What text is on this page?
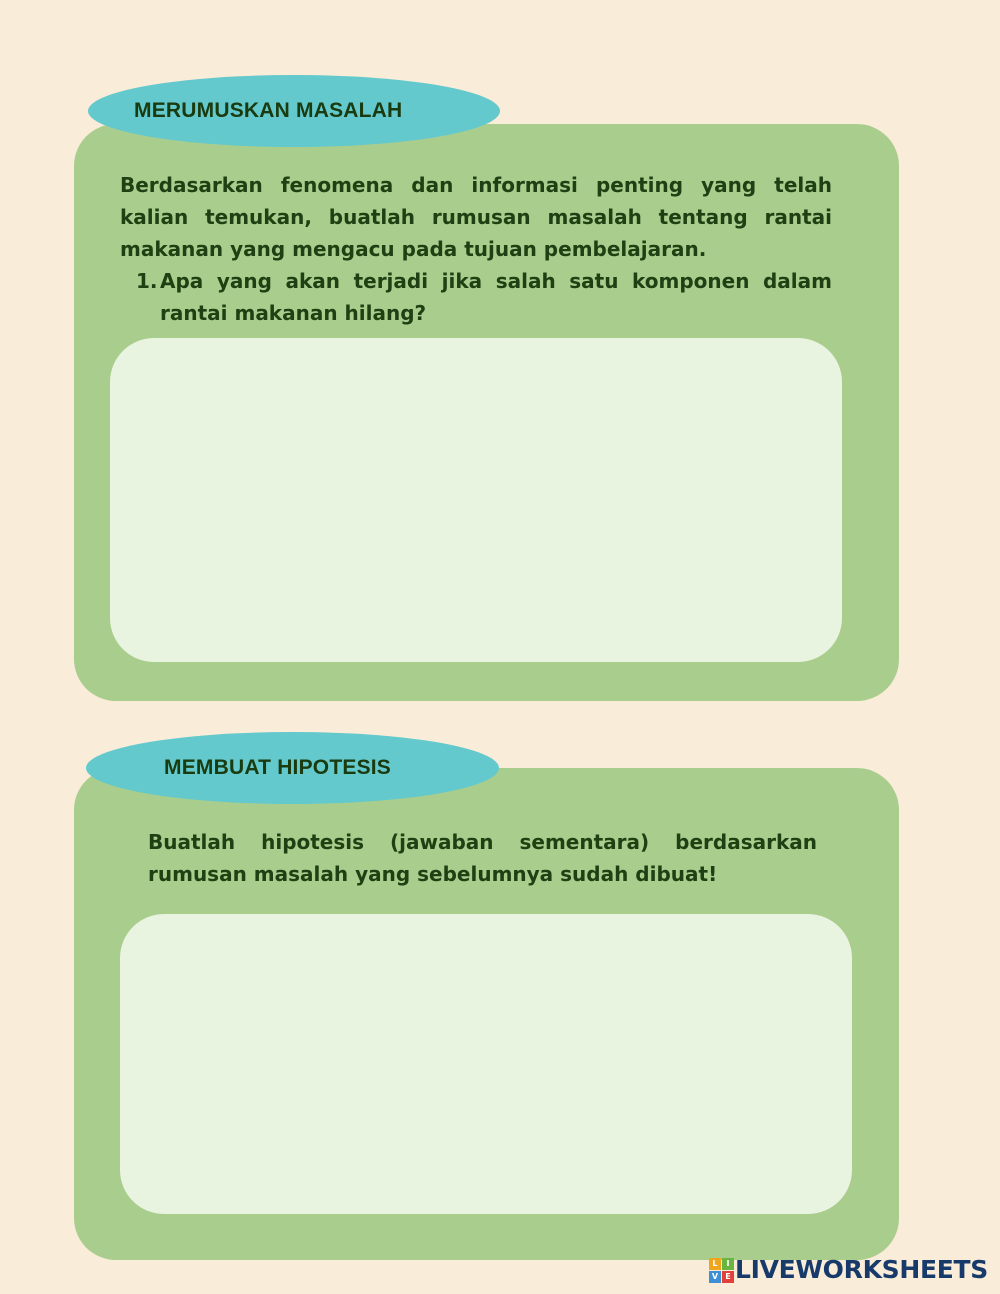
MERUMUSKAN MASALAH

Berdasarkan fenomena dan informasi penting yang telah kalian temukan, buatlah rumusan masalah tentang rantai makanan yang mengacu pada tujuan pembelajaran.

1. Apa yang akan terjadi jika salah satu komponen dalam rantai makanan hilang?
MEMBUAT HIPOTESIS

Buatlah hipotesis (jawaban sementara) berdasarkan rumusan masalah yang sebelumnya sudah dibuat!

L	I
V E LIVEWORKSHEETS
